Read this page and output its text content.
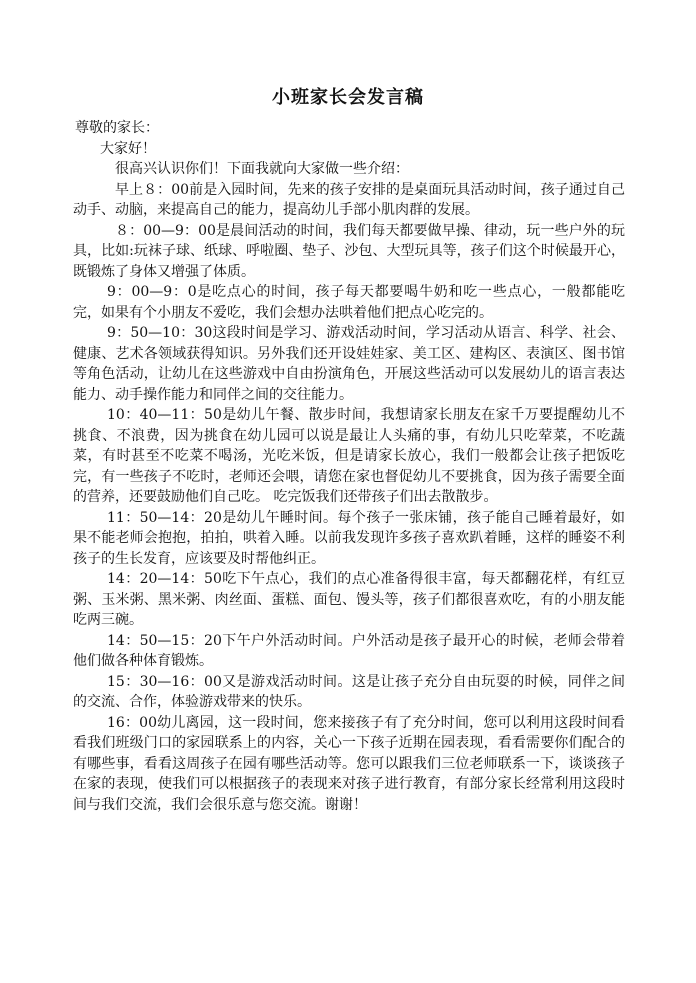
小班家长会发言稿

尊敬的家长：

大家好！

很高兴认识你们！下面我就向大家做一些介绍：

早上８：00前是入园时间，先来的孩子安排的是桌面玩具活动时间，孩子通过自己动手、动脑，来提高自己的能力，提高幼儿手部小肌肉群的发展。

８：00—9：00是晨间活动的时间，我们每天都要做早操、律动，玩一些户外的玩具，比如:玩袜子球、纸球、呼啦圈、垫子、沙包、大型玩具等，孩子们这个时候最开心，既锻炼了身体又增强了体质。

9：00—9：0是吃点心的时间，孩子每天都要喝牛奶和吃一些点心，一般都能吃完，如果有个小朋友不爱吃，我们会想办法哄着他们把点心吃完的。

9：50—10：30这段时间是学习、游戏活动时间，学习活动从语言、科学、社会、健康、艺术各领域获得知识。另外我们还开设娃娃家、美工区、建构区、表演区、图书馆等角色活动，让幼儿在这些游戏中自由扮演角色，开展这些活动可以发展幼儿的语言表达能力、动手操作能力和同伴之间的交往能力。

10：40—11：50是幼儿午餐、散步时间，我想请家长朋友在家千万要提醒幼儿不挑食、不浪费，因为挑食在幼儿园可以说是最让人头痛的事，有幼儿只吃荤菜，不吃蔬菜，有时甚至不吃菜不喝汤，光吃米饭，但是请家长放心，我们一般都会让孩子把饭吃完，有一些孩子不吃时，老师还会喂，请您在家也督促幼儿不要挑食，因为孩子需要全面的营养，还要鼓励他们自己吃。 吃完饭我们还带孩子们出去散散步。

11：50—14：20是幼儿午睡时间。每个孩子一张床铺，孩子能自己睡着最好，如果不能老师会抱抱，拍拍，哄着入睡。以前我发现许多孩子喜欢趴着睡，这样的睡姿不利孩子的生长发育，应该要及时帮他纠正。

14：20—14：50吃下午点心，我们的点心准备得很丰富，每天都翻花样，有红豆粥、玉米粥、黑米粥、肉丝面、蛋糕、面包、馒头等，孩子们都很喜欢吃，有的小朋友能吃两三碗。

14：50—15：20下午户外活动时间。户外活动是孩子最开心的时候，老师会带着他们做各种体育锻炼。

15：30—16：00又是游戏活动时间。这是让孩子充分自由玩耍的时候，同伴之间的交流、合作，体验游戏带来的快乐。

16：00幼儿离园，这一段时间，您来接孩子有了充分时间，您可以利用这段时间看看我们班级门口的家园联系上的内容，关心一下孩子近期在园表现，看看需要你们配合的有哪些事，看看这周孩子在园有哪些活动等。您可以跟我们三位老师联系一下，谈谈孩子在家的表现，使我们可以根据孩子的表现来对孩子进行教育，有部分家长经常利用这段时间与我们交流，我们会很乐意与您交流。谢谢！
